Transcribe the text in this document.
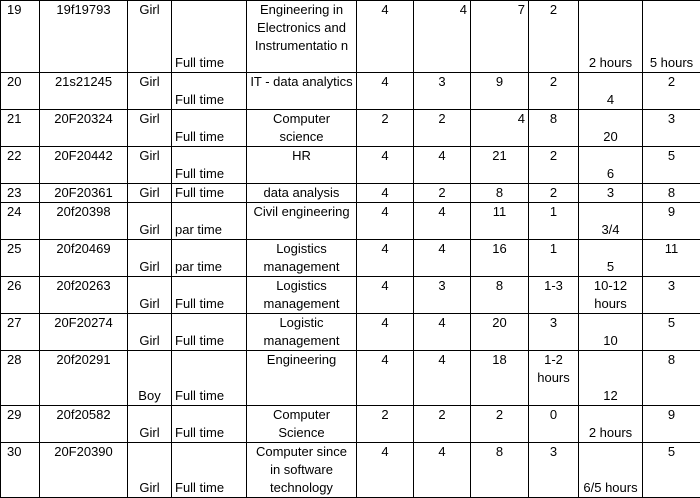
19	19f19793	Girl	Full time	Engineering in Electronics and Instrumentatio n	4	4	7	2	2 hours	5 hours
20	21s21245	Girl	Full time	IT - data analytics	4	3	9	2	4	2
21	20F20324	Girl	Full time	Computer science	2	2	4	8	20	3
22	20F20442	Girl	Full time	HR	4	4	21	2	6	5
23	20F20361	Girl	Full time	data analysis	4	2	8	2	3	8
24	20f20398	Girl	par time	Civil engineering	4	4	11	1	3/4	9
25	20f20469	Girl	par time	Logistics management	4	4	16	1	5	11
26	20f20263	Girl	Full time	Logistics management	4	3	8	1-3	10-12 hours	3
27	20F20274	Girl	Full time	Logistic management	4	4	20	3	10	5
28	20f20291	Boy	Full time	Engineering	4	4	18	1-2 hours	12	8
29	20f20582	Girl	Full time	Computer Science	2	2	2	0	2 hours	9
30	20F20390	Girl	Full time	Computer since in software technology	4	4	8	3	6/5 hours	5
